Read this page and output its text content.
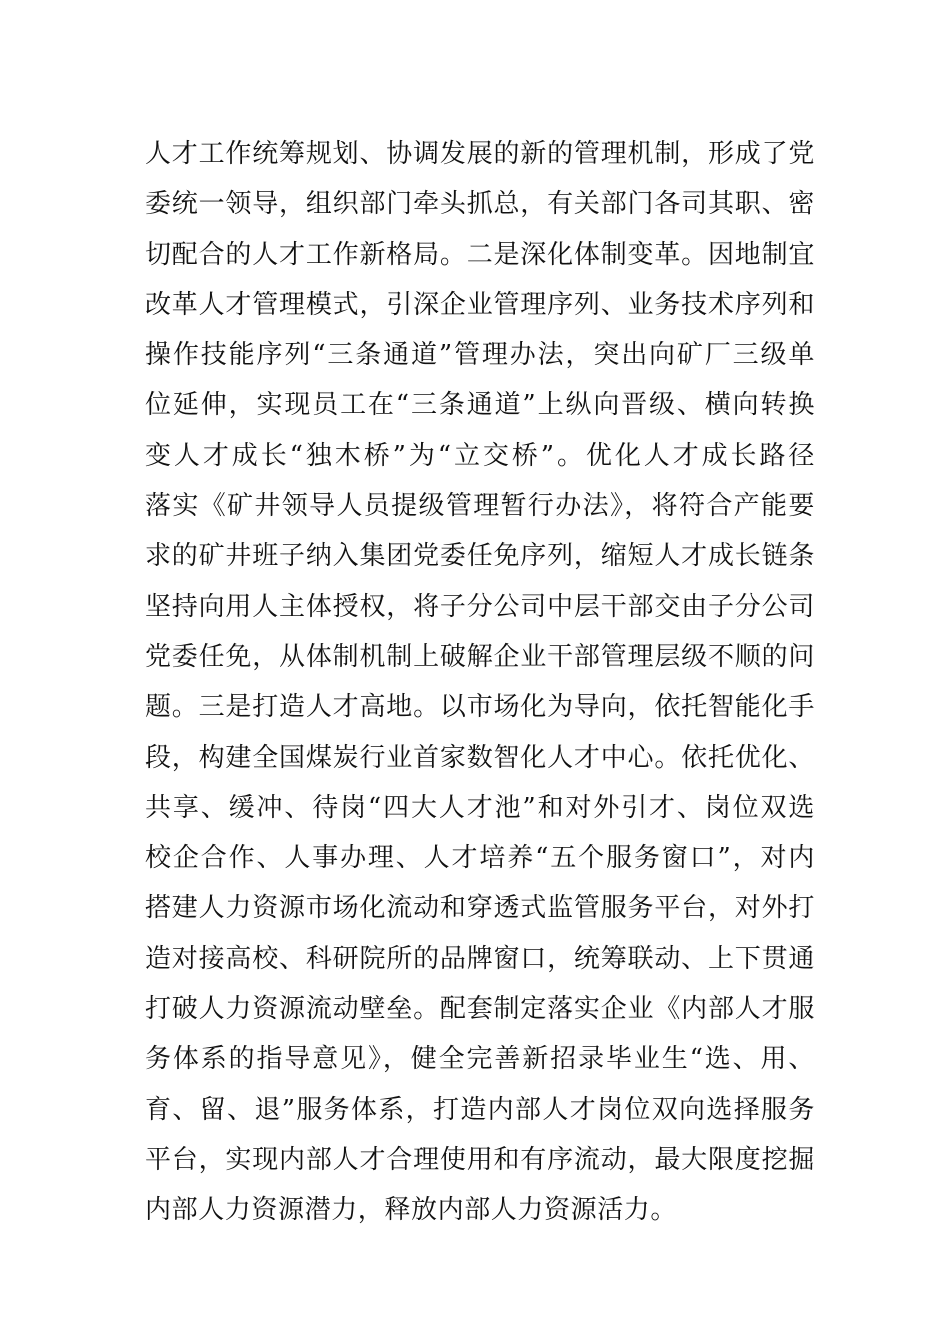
人才工作统筹规划、协调发展的新的管理机制，形成了党
委统一领导，组织部门牵头抓总，有关部门各司其职、密
切配合的人才工作新格局。二是深化体制变革。因地制宜
改革人才管理模式，引深企业管理序列、业务技术序列和
操作技能序列“三条通道”管理办法，突出向矿厂三级单
位延伸，实现员工在“三条通道”上纵向晋级、横向转换
变人才成长“独木桥”为“立交桥”。优化人才成长路径
落实《矿井领导人员提级管理暂行办法》，将符合产能要
求的矿井班子纳入集团党委任免序列，缩短人才成长链条
坚持向用人主体授权，将子分公司中层干部交由子分公司
党委任免，从体制机制上破解企业干部管理层级不顺的问
题。三是打造人才高地。以市场化为导向，依托智能化手
段，构建全国煤炭行业首家数智化人才中心。依托优化、
共享、缓冲、待岗“四大人才池”和对外引才、岗位双选
校企合作、人事办理、人才培养“五个服务窗口”，对内
搭建人力资源市场化流动和穿透式监管服务平台，对外打
造对接高校、科研院所的品牌窗口，统筹联动、上下贯通
打破人力资源流动壁垒。配套制定落实企业《内部人才服
务体系的指导意见》，健全完善新招录毕业生“选、用、
育、留、退”服务体系，打造内部人才岗位双向选择服务
平台，实现内部人才合理使用和有序流动，最大限度挖掘
内部人力资源潜力，释放内部人力资源活力。
